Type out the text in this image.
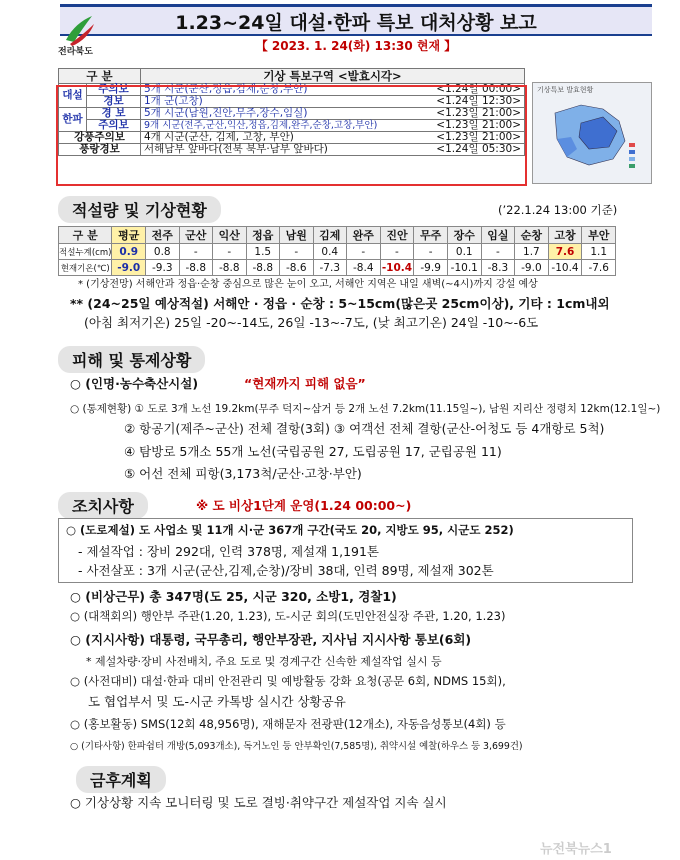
전라북도
1.23~24일 대설·한파 특보 대처상황 보고
【 2023. 1. 24(화) 13:30 현재 】
구 분		기상 특보구역 <발효시각>	
대설	주의보	5개 시군(군산,정읍,김제,순창,부안)	<1.24일 00:00>
	경보	1개 군(고창)	<1.24일 12:30>
한파	경 보	5개 시군(남원,진안,무주,장수,임실)	<1.23일 21:00>
	주의보	9개 시군(전주,군산,익산,정읍,김제,완주,순창,고창,부안)	<1.23일 21:00>
강풍주의보		4개 시군(군산, 김제, 고창, 부안)	<1.23일 21:00>
풍랑경보		서해남부 앞바다(전북 북부·남부 앞바다)	<1.24일 05:30>
기상특보 발효현황
적설량 및 기상현황	(’22.1.24 13:00 기준)
구 분	평균	전주	군산	익산	정읍	남원	김제	완주	진안	무주	장수	임실	순창	고창	부안
적설누계(cm)	0.9	0.8	-	-	1.5	-	0.4	-	-	-	0.1	-	1.7	7.6	1.1
현재기온(℃)	-9.0	-9.3	-8.8	-8.8	-8.8	-8.6	-7.3	-8.4	-10.4	-9.9	-10.1	-8.3	-9.0	-10.4	-7.6
* (기상전망) 서해안과 정읍·순창 중심으로 많은 눈이 오고, 서해안 지역은 내일 새벽(~4시)까지 강설 예상
** (24~25일 예상적설) 서해안 · 정읍 · 순창 : 5~15cm(많은곳 25cm이상), 기타 : 1cm내외
(아침 최저기온) 25일 -20~-14도, 26일 -13~-7도, (낮 최고기온) 24일 -10~-6도
피해 및 통제상황
○ (인명·농수축산시설)	“현재까지 피해 없음”
○ (통제현황) ① 도로 3개 노선 19.2km(무주 덕지~삼거 등 2개 노선 7.2km(11.15일~), 남원 지리산 정령치 12km(12.1일~)
② 항공기(제주~군산) 전체 결항(3회) ③ 여객선 전체 결항(군산-어청도 등 4개항로 5척)
④ 탐방로 5개소 55개 노선(국립공원 27, 도립공원 17, 군립공원 11)
⑤ 어선 전체 피항(3,173척/군산·고창·부안)
조치사항	※ 도 비상1단계 운영(1.24 00:00~)
○ (도로제설) 도 사업소 및 11개 시·군 367개 구간(국도 20, 지방도 95, 시군도 252)
- 제설작업 : 장비 292대, 인력 378명, 제설재 1,191톤
- 사전살포 : 3개 시군(군산,김제,순창)/장비 38대, 인력 89명, 제설재 302톤
○ (비상근무) 총 347명(도 25, 시군 320, 소방1, 경찰1)
○ (대책회의) 행안부 주관(1.20, 1.23), 도-시군 회의(도민안전실장 주관, 1.20, 1.23)
○ (지시사항) 대통령, 국무총리, 행안부장관, 지사님 지시사항 통보(6회)
* 제설차량·장비 사전배치, 주요 도로 및 경계구간 신속한 제설작업 실시 등
○ (사전대비) 대설·한파 대비 안전관리 및 예방활동 강화 요청(공문 6회, NDMS 15회),
도 협업부서 및 도-시군 카톡방 실시간 상황공유
○ (홍보활동) SMS(12회 48,956명), 재해문자 전광판(12개소), 자동음성통보(4회) 등
○ (기타사항) 한파쉼터 개방(5,093개소), 독거노인 등 안부확인(7,585명), 취약시설 예찰(하우스 등 3,699건)
금후계획
○ 기상상황 지속 모니터링 및 도로 결빙·취약구간 제설작업 지속 실시
뉴전북뉴스1
